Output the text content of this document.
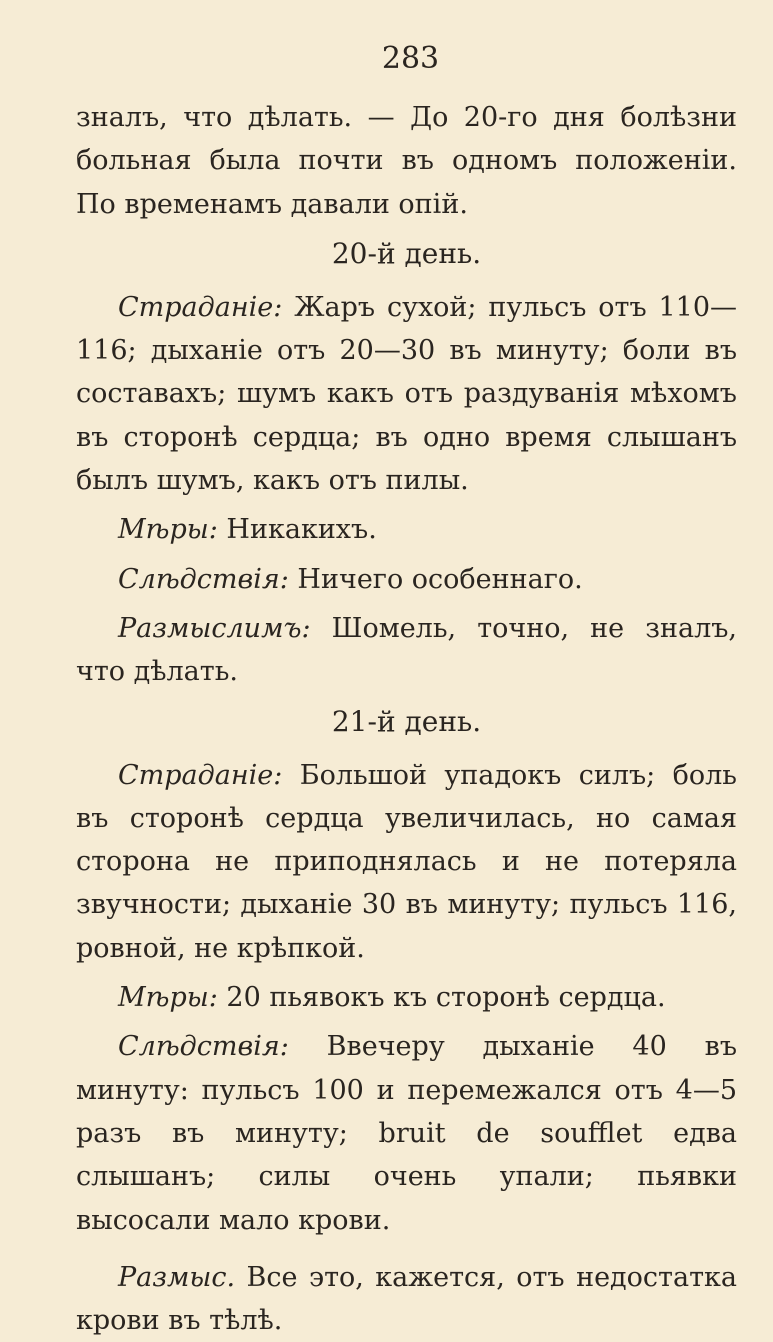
283

зналъ, что дѣлать. — До 20-го дня болѣзни больная была почти въ одномъ положеніи. По временамъ давали опій.

20-й день.

Страданіе: Жаръ сухой; пульсъ отъ 110—116; дыханіе отъ 20—30 въ минуту; боли въ составахъ; шумъ какъ отъ раздуванія мѣхомъ въ сторонѣ сердца; въ одно время слышанъ былъ шумъ, какъ отъ пилы.

Мѣры: Никакихъ.

Слѣдствія: Ничего особеннаго.

Размыслимъ: Шомель, точно, не зналъ, что дѣлать.

21-й день.

Страданіе: Большой упадокъ силъ; боль въ сторонѣ сердца увеличилась, но самая сторона не приподнялась и не потеряла звучности; дыханіе 30 въ минуту; пульсъ 116, ровной, не крѣпкой.

Мѣры: 20 пьявокъ къ сторонѣ сердца.

Слѣдствія: Ввечеру дыханіе 40 въ минуту: пульсъ 100 и перемежался отъ 4—5 разъ въ минуту; bruit de soufflet едва слышанъ; силы очень упали; пьявки высосали мало крови.

Размыс. Все это, кажется, отъ недостатка крови въ тѣлѣ.
